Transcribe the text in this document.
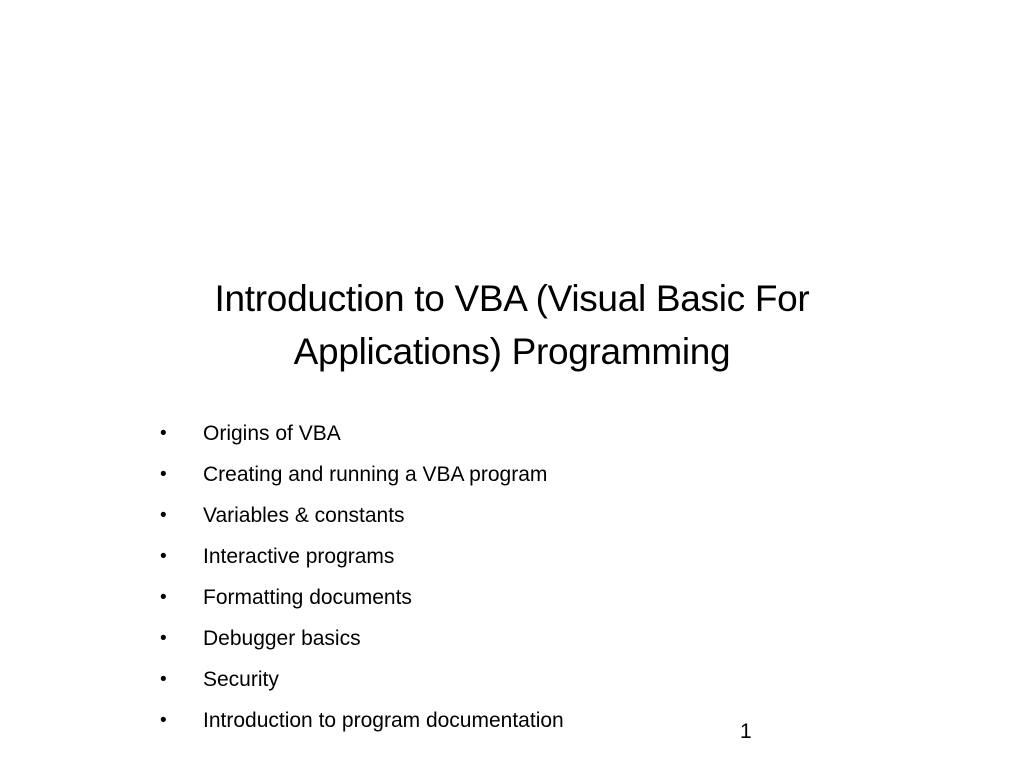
Introduction to VBA (Visual Basic For Applications) Programming
•	Origins of VBA
•	Creating and running a VBA program
•	Variables & constants
•	Interactive programs
•	Formatting documents
•	Debugger basics
•	Security
•	Introduction to program documentation	1
